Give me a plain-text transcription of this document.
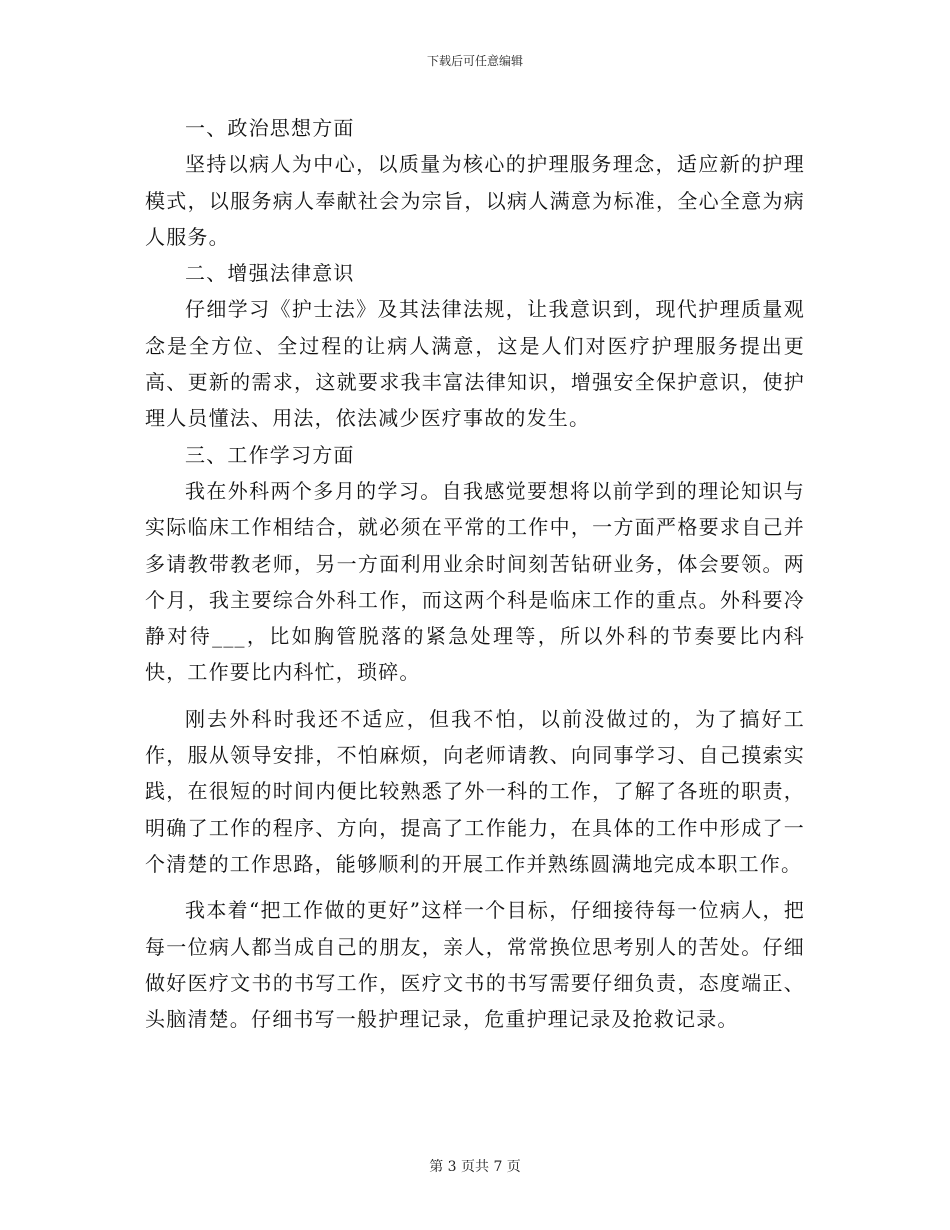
下载后可任意编辑

一、政治思想方面

坚持以病人为中心，以质量为核心的护理服务理念，适应新的护理模式，以服务病人奉献社会为宗旨，以病人满意为标准，全心全意为病人服务。

二、增强法律意识

仔细学习《护士法》及其法律法规，让我意识到，现代护理质量观念是全方位、全过程的让病人满意，这是人们对医疗护理服务提出更高、更新的需求，这就要求我丰富法律知识，增强安全保护意识，使护理人员懂法、用法，依法减少医疗事故的发生。

三、工作学习方面

我在外科两个多月的学习。自我感觉要想将以前学到的理论知识与实际临床工作相结合，就必须在平常的工作中，一方面严格要求自己并多请教带教老师，另一方面利用业余时间刻苦钻研业务，体会要领。两个月，我主要综合外科工作，而这两个科是临床工作的重点。外科要冷静对待___，比如胸管脱落的紧急处理等，所以外科的节奏要比内科快，工作要比内科忙，琐碎。

刚去外科时我还不适应，但我不怕，以前没做过的，为了搞好工作，服从领导安排，不怕麻烦，向老师请教、向同事学习、自己摸索实践，在很短的时间内便比较熟悉了外一科的工作，了解了各班的职责，明确了工作的程序、方向，提高了工作能力，在具体的工作中形成了一个清楚的工作思路，能够顺利的开展工作并熟练圆满地完成本职工作。

我本着“把工作做的更好”这样一个目标，仔细接待每一位病人，把每一位病人都当成自己的朋友，亲人，常常换位思考别人的苦处。仔细做好医疗文书的书写工作，医疗文书的书写需要仔细负责，态度端正、头脑清楚。仔细书写一般护理记录，危重护理记录及抢救记录。

第 3 页共 7 页
